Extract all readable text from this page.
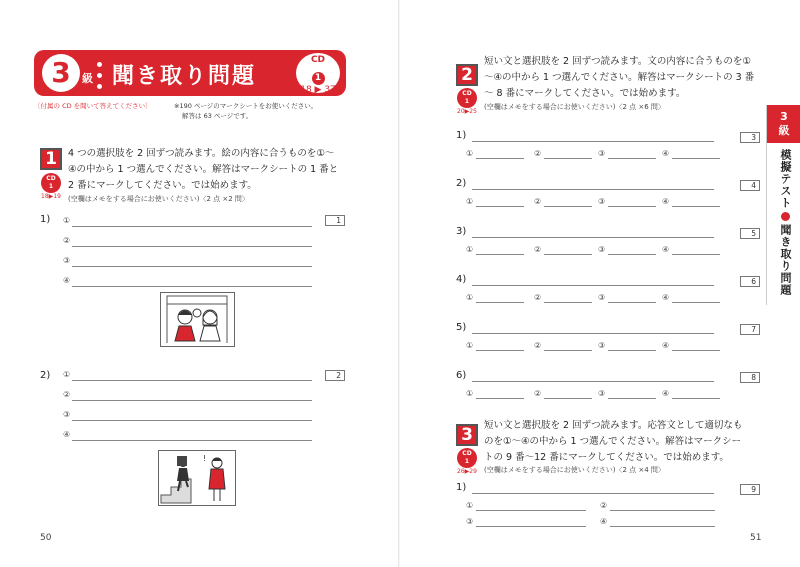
3	級 聞き取り問題
CD
1
18 ▶ 37
〔付属の CD を聞いて答えてください〕	※190 ページのマークシートをお使いください。
解答は 63 ページです。
1
CD
1
18▶19
4 つの選択肢を 2 回ずつ読みます。絵の内容に合うものを①～
④の中から 1 つ選んでください。解答はマークシートの 1 番と
2 番にマークしてください。では始めます。
(空欄はメモをする場合にお使いください)〈2 点 ×2 問〉
1) ①
②
③
④
1
2) ①
②
③
④
2
!
50
2
CD
1
20▶25
短い文と選択肢を 2 回ずつ読みます。文の内容に合うものを①
～④の中から 1 つ選んでください。解答はマークシートの 3 番
～ 8 番にマークしてください。では始めます。
(空欄はメモをする場合にお使いください)〈2 点 ×6 問〉
1)	3
①	②	③	④
2)	4
①	②	③	④
3)	5
①	②	③	④
4)	6
①	②	③	④
5)	7
①	②	③	④
6)	8
①	②	③	④
3
CD
1
26▶29
短い文と選択肢を 2 回ずつ読みます。応答文として適切なも
のを①～④の中から 1 つ選んでください。解答はマークシー
トの 9 番～12 番にマークしてください。では始めます。
(空欄はメモをする場合にお使いください)〈2 点 ×4 問〉
1)	9
①	②
③	④
51
3
級
模擬テスト聞き取り問題
